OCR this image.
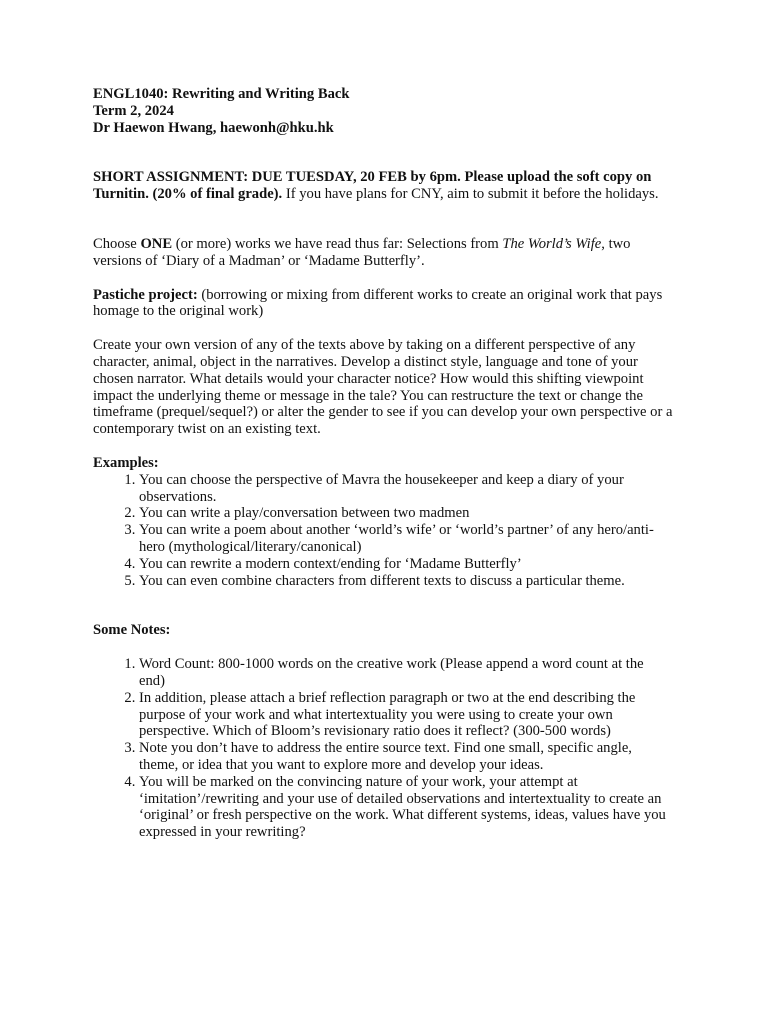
ENGL1040: Rewriting and Writing Back

Term 2, 2024

Dr Haewon Hwang, haewonh@hku.hk

SHORT ASSIGNMENT: DUE TUESDAY, 20 FEB by 6pm. Please upload the soft copy on Turnitin. (20% of final grade). If you have plans for CNY, aim to submit it before the holidays.

Choose ONE (or more) works we have read thus far: Selections from The World’s Wife, two versions of ‘Diary of a Madman’ or ‘Madame Butterfly’.

Pastiche project: (borrowing or mixing from different works to create an original work that pays homage to the original work)

Create your own version of any of the texts above by taking on a different perspective of any character, animal, object in the narratives. Develop a distinct style, language and tone of your chosen narrator. What details would your character notice? How would this shifting viewpoint impact the underlying theme or message in the tale? You can restructure the text or change the timeframe (prequel/sequel?) or alter the gender to see if you can develop your own perspective or a contemporary twist on an existing text.

Examples:

1. You can choose the perspective of Mavra the housekeeper and keep a diary of your observations.
2. You can write a play/conversation between two madmen
3. You can write a poem about another ‘world’s wife’ or ‘world’s partner’ of any hero/anti-hero (mythological/literary/canonical)
4. You can rewrite a modern context/ending for ‘Madame Butterfly’
5. You can even combine characters from different texts to discuss a particular theme.

Some Notes:

1. Word Count: 800-1000 words on the creative work (Please append a word count at the end)
2. In addition, please attach a brief reflection paragraph or two at the end describing the purpose of your work and what intertextuality you were using to create your own perspective. Which of Bloom’s revisionary ratio does it reflect? (300-500 words)
3. Note you don’t have to address the entire source text. Find one small, specific angle, theme, or idea that you want to explore more and develop your ideas.
4. You will be marked on the convincing nature of your work, your attempt at ‘imitation’/rewriting and your use of detailed observations and intertextuality to create an ‘original’ or fresh perspective on the work. What different systems, ideas, values have you expressed in your rewriting?
